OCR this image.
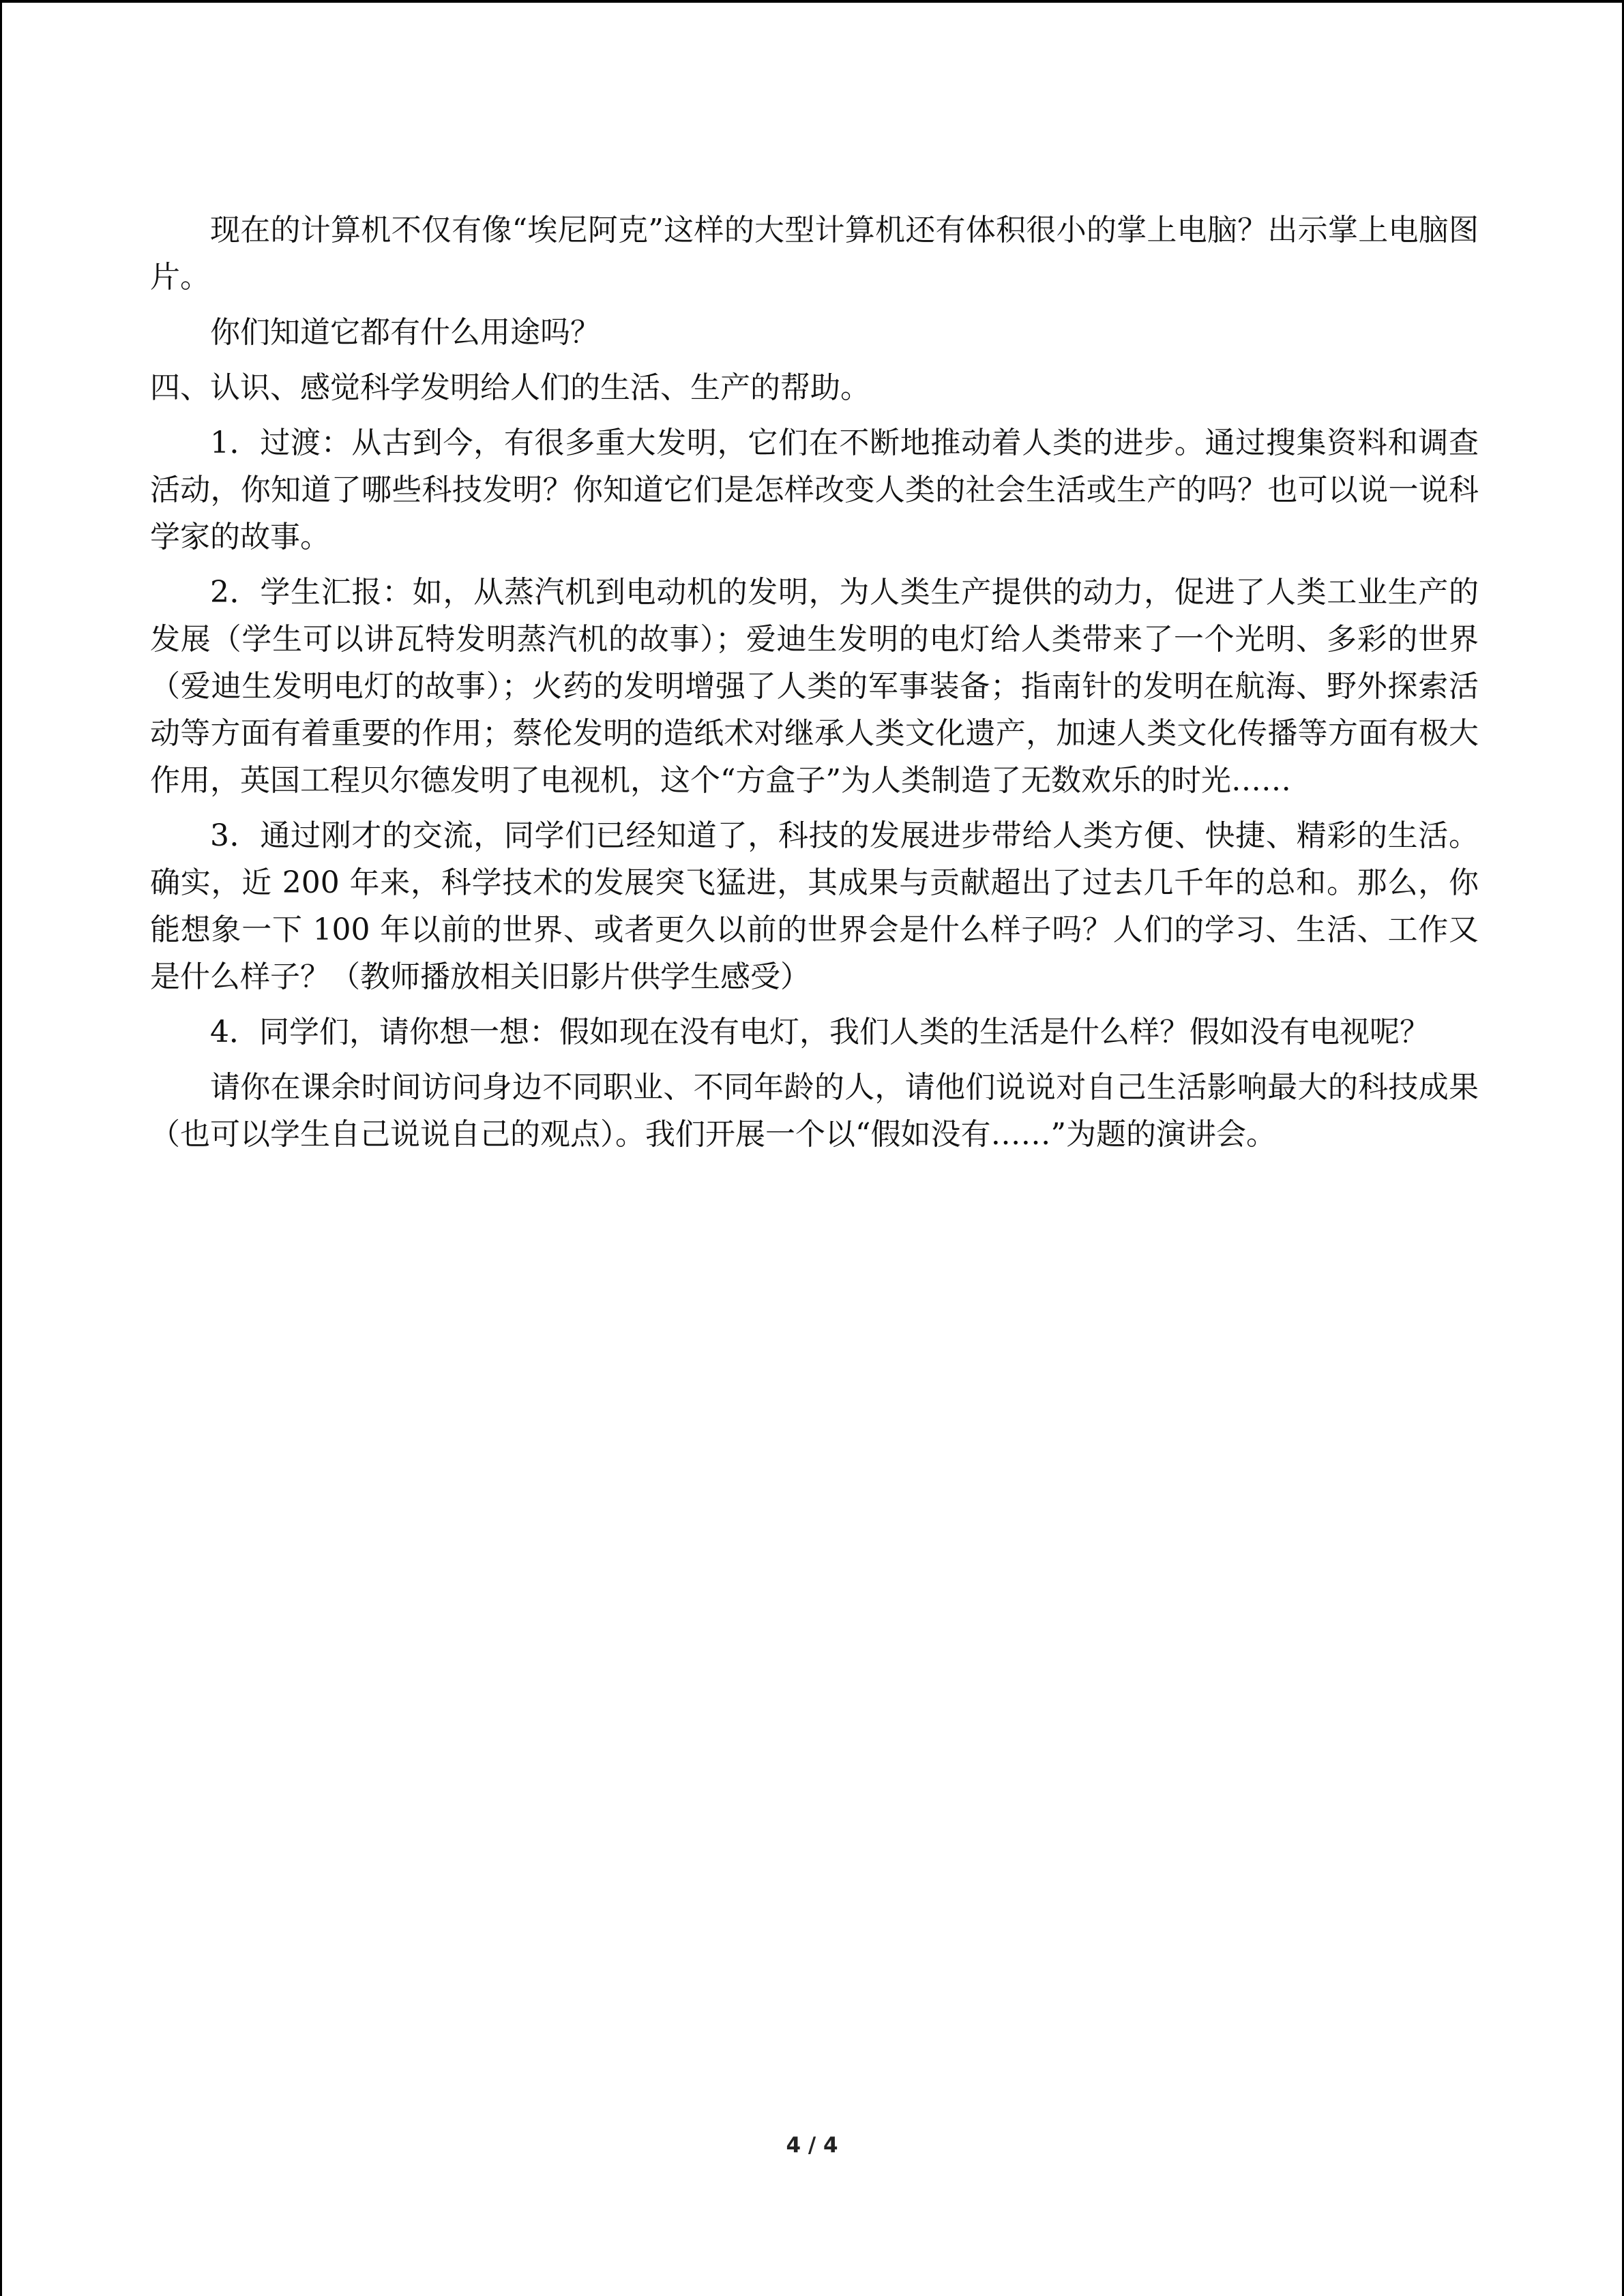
现在的计算机不仅有像“埃尼阿克”这样的大型计算机还有体积很小的掌上电脑？出示掌上电脑图片。

你们知道它都有什么用途吗？

四、认识、感觉科学发明给人们的生活、生产的帮助。

1．过渡：从古到今，有很多重大发明，它们在不断地推动着人类的进步。通过搜集资料和调查活动，你知道了哪些科技发明？你知道它们是怎样改变人类的社会生活或生产的吗？也可以说一说科学家的故事。

2．学生汇报：如，从蒸汽机到电动机的发明，为人类生产提供的动力，促进了人类工业生产的发展（学生可以讲瓦特发明蒸汽机的故事）；爱迪生发明的电灯给人类带来了一个光明、多彩的世界（爱迪生发明电灯的故事）；火药的发明增强了人类的军事装备；指南针的发明在航海、野外探索活动等方面有着重要的作用；蔡伦发明的造纸术对继承人类文化遗产，加速人类文化传播等方面有极大作用，英国工程贝尔德发明了电视机，这个“方盒子”为人类制造了无数欢乐的时光……

3．通过刚才的交流，同学们已经知道了，科技的发展进步带给人类方便、快捷、精彩的生活。确实，近 200 年来，科学技术的发展突飞猛进，其成果与贡献超出了过去几千年的总和。那么，你能想象一下 100 年以前的世界、或者更久以前的世界会是什么样子吗？人们的学习、生活、工作又是什么样子？（教师播放相关旧影片供学生感受）

4．同学们，请你想一想：假如现在没有电灯，我们人类的生活是什么样？假如没有电视呢？

请你在课余时间访问身边不同职业、不同年龄的人，请他们说说对自己生活影响最大的科技成果（也可以学生自己说说自己的观点）。我们开展一个以“假如没有……”为题的演讲会。

4 / 4
